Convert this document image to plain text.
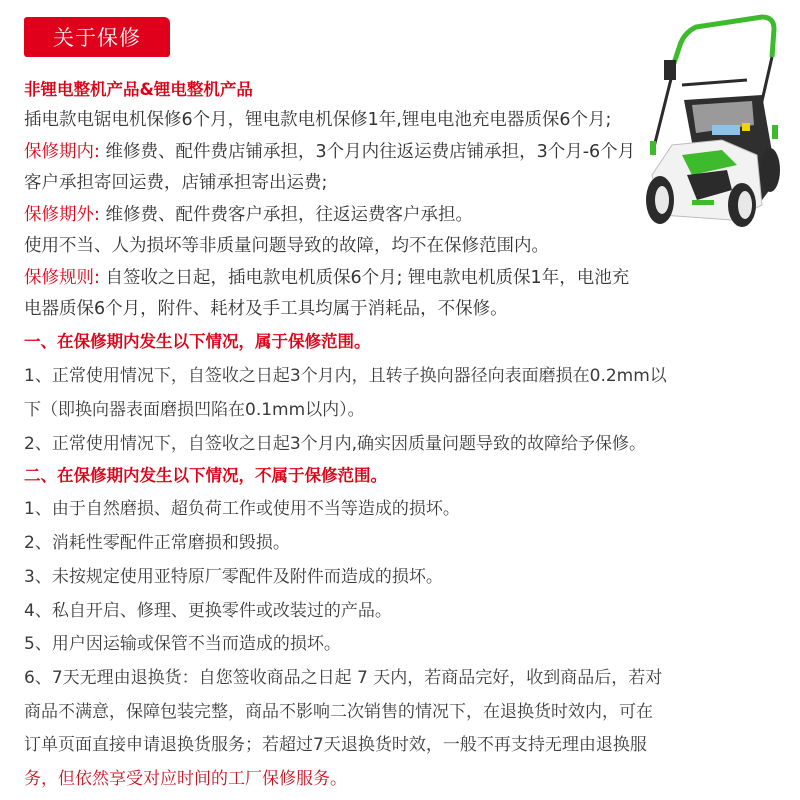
关于保修
非锂电整机产品&锂电整机产品
插电款电锯电机保修6个月，锂电款电机保修1年,锂电电池充电器质保6个月;
保修期内: 维修费、配件费店铺承担，3个月内往返运费店铺承担，3个月-6个月
客户承担寄回运费，店铺承担寄出运费;
保修期外: 维修费、配件费客户承担，往返运费客户承担。
使用不当、人为损坏等非质量问题导致的故障，均不在保修范围内。
保修规则: 自签收之日起，插电款电机质保6个月; 锂电款电机质保1年，电池充
电器质保6个月，附件、耗材及手工具均属于消耗品，不保修。
一、在保修期内发生以下情况，属于保修范围。
1、正常使用情况下，自签收之日起3个月内，且转子换向器径向表面磨损在0.2mm以
下（即换向器表面磨损凹陷在0.1mm以内）。
2、正常使用情况下，自签收之日起3个月内,确实因质量问题导致的故障给予保修。
二、在保修期内发生以下情况，不属于保修范围。
1、由于自然磨损、超负荷工作或使用不当等造成的损坏。
2、消耗性零配件正常磨损和毁损。
3、未按规定使用亚特原厂零配件及附件而造成的损坏。
4、私自开启、修理、更换零件或改装过的产品。
5、用户因运输或保管不当而造成的损坏。
6、7天无理由退换货：自您签收商品之日起 7 天内，若商品完好，收到商品后，若对
商品不满意，保障包装完整，商品不影响二次销售的情况下，在退换货时效内，可在
订单页面直接申请退换货服务；若超过7天退换货时效，一般不再支持无理由退换服
务，但依然享受对应时间的工厂保修服务。
